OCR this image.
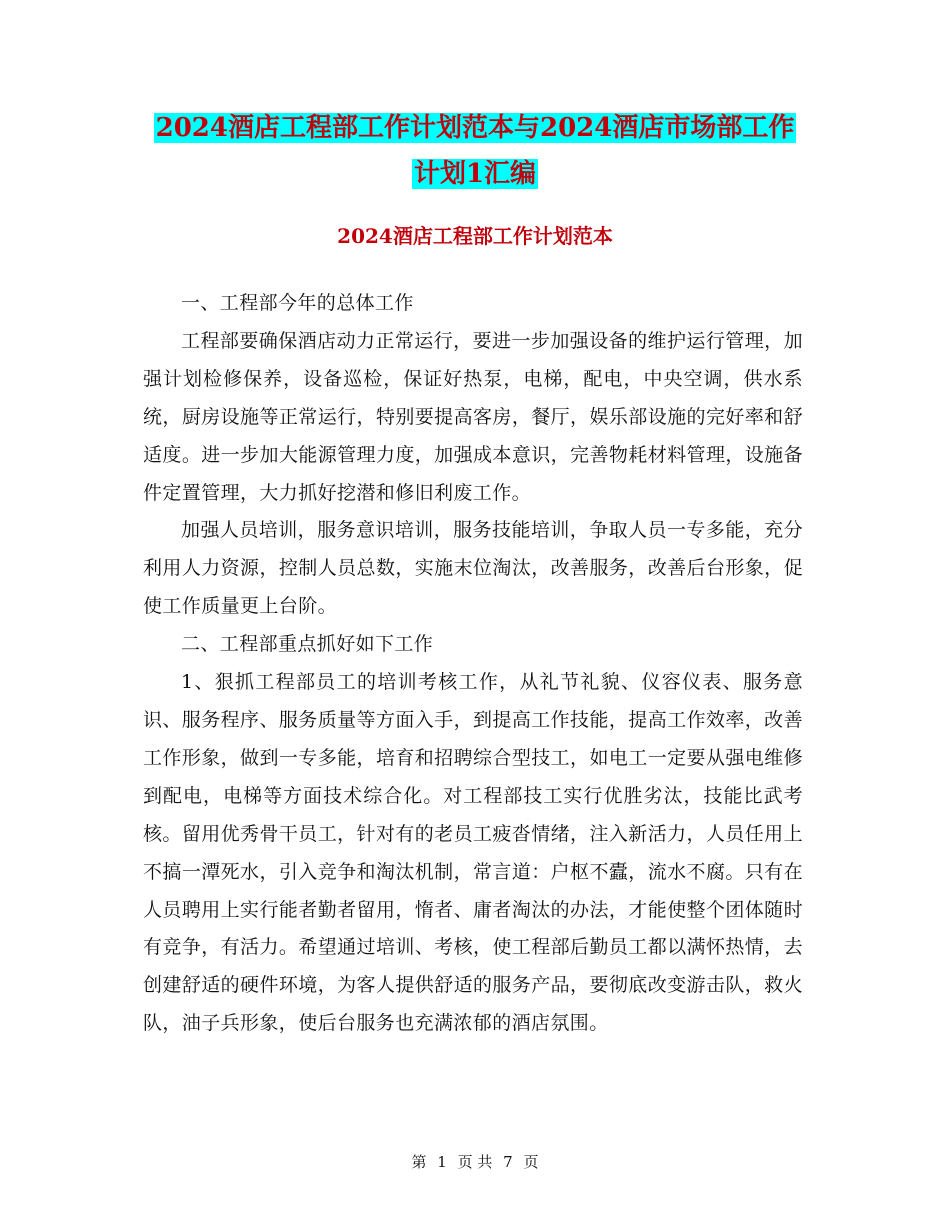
2024酒店工程部工作计划范本与2024酒店市场部工作
计划1汇编
2024酒店工程部工作计划范本

一、工程部今年的总体工作

工程部要确保酒店动力正常运行，要进一步加强设备的维护运行管理，加强计划检修保养，设备巡检，保证好热泵，电梯，配电，中央空调，供水系统，厨房设施等正常运行，特别要提高客房，餐厅，娱乐部设施的完好率和舒适度。进一步加大能源管理力度，加强成本意识，完善物耗材料管理，设施备件定置管理，大力抓好挖潜和修旧利废工作。

加强人员培训，服务意识培训，服务技能培训，争取人员一专多能，充分利用人力资源，控制人员总数，实施末位淘汰，改善服务，改善后台形象，促使工作质量更上台阶。

二、工程部重点抓好如下工作

1、狠抓工程部员工的培训考核工作，从礼节礼貌、仪容仪表、服务意识、服务程序、服务质量等方面入手，到提高工作技能，提高工作效率，改善工作形象，做到一专多能，培育和招聘综合型技工，如电工一定要从强电维修到配电，电梯等方面技术综合化。对工程部技工实行优胜劣汰，技能比武考核。留用优秀骨干员工，针对有的老员工疲沓情绪，注入新活力，人员任用上不搞一潭死水，引入竞争和淘汰机制，常言道：户枢不蠹，流水不腐。只有在人员聘用上实行能者勤者留用，惰者、庸者淘汰的办法，才能使整个团体随时有竞争，有活力。希望通过培训、考核，使工程部后勤员工都以满怀热情，去创建舒适的硬件环境，为客人提供舒适的服务产品，要彻底改变游击队，救火队，油子兵形象，使后台服务也充满浓郁的酒店氛围。

第 1 页 共 7 页
